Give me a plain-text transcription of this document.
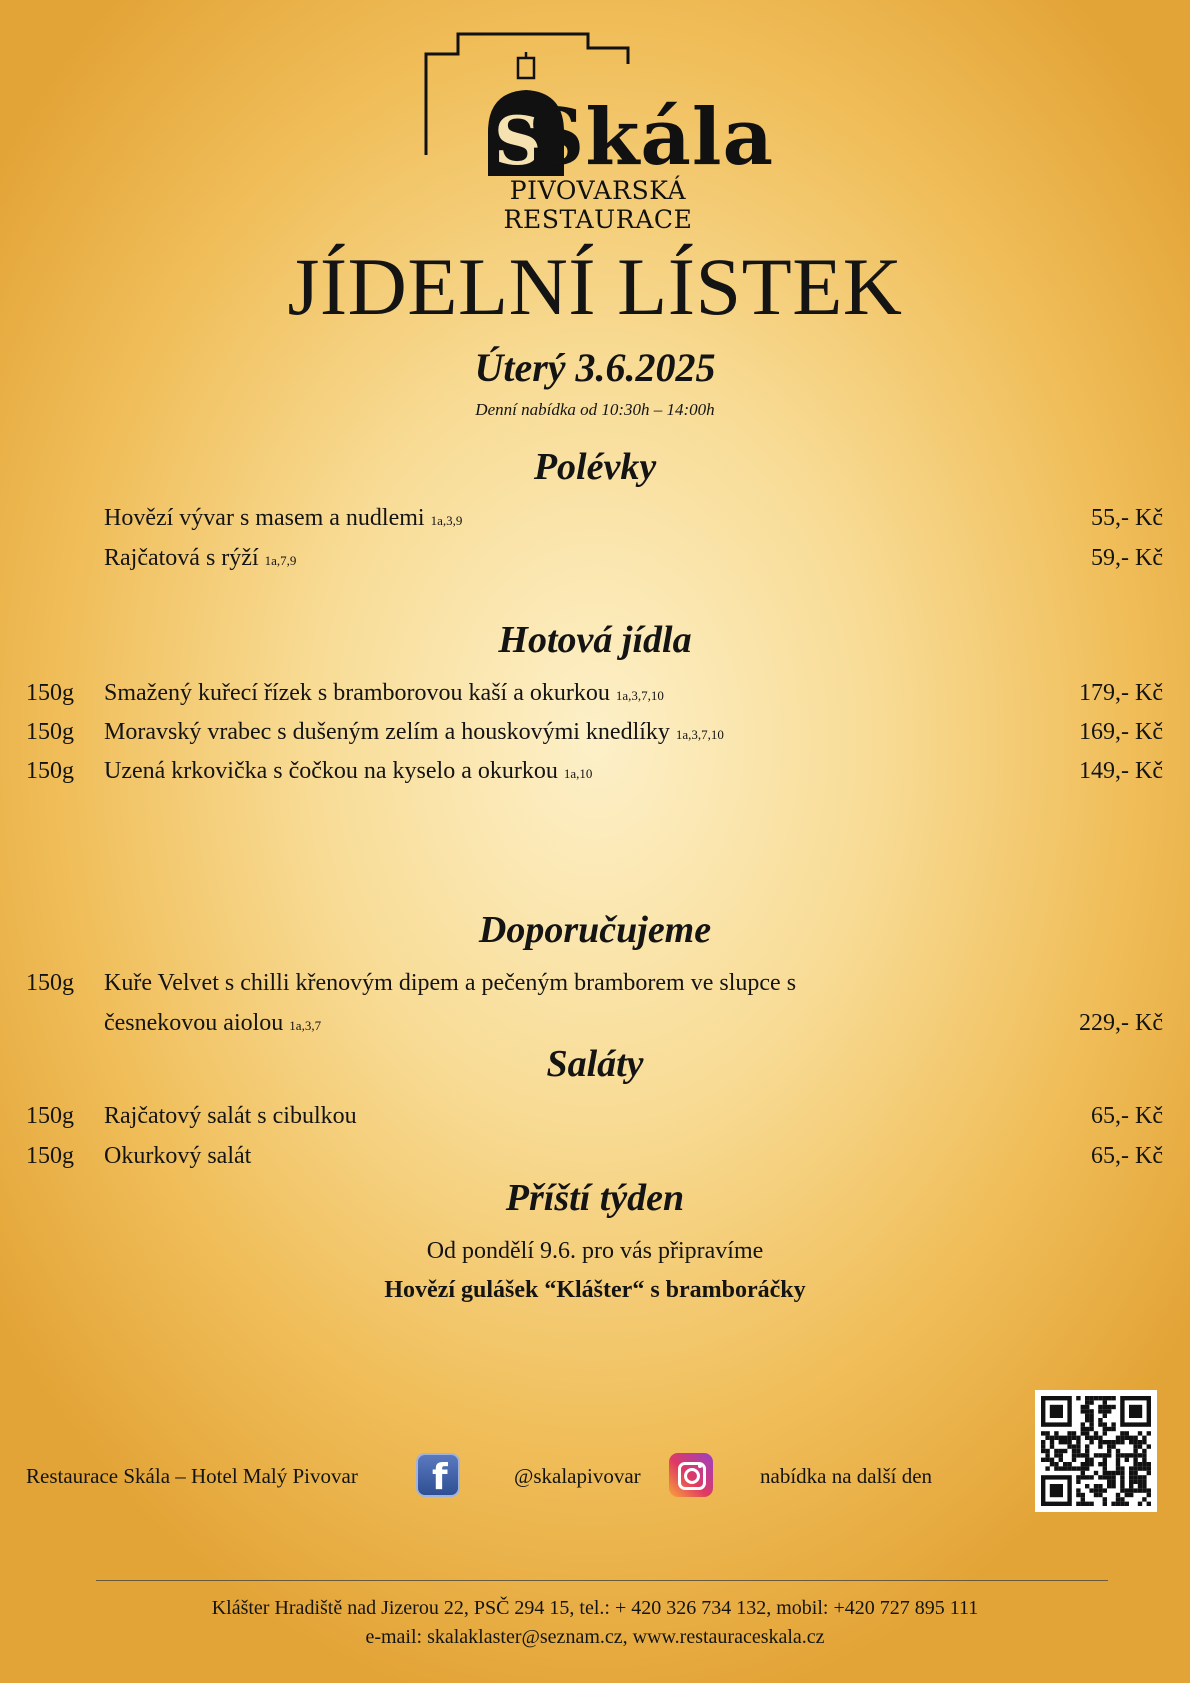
S
Skála
PIVOVARSKÁ RESTAURACE
JÍDELNÍ LÍSTEK
Úterý 3.6.2025
Denní nabídka od 10:30h – 14:00h
Polévky
Hovězí vývar s masem a nudlemi 1a,3,9	55,- Kč
Rajčatová s rýží 1a,7,9	59,- Kč
Hotová jídla
150g Smažený kuřecí řízek s bramborovou kaší a okurkou 1a,3,7,10	179,- Kč
150g Moravský vrabec s dušeným zelím a houskovými knedlíky 1a,3,7,10	169,- Kč
150g Uzená krkovička s čočkou na kyselo a okurkou 1a,10	149,- Kč
Doporučujeme
150g Kuře Velvet s chilli křenovým dipem a pečeným bramborem ve slupce s
česnekovou aiolou 1a,3,7	229,- Kč
Saláty
150g Rajčatový salát s cibulkou	65,- Kč
150g Okurkový salát	65,- Kč
Příští týden
Od pondělí 9.6. pro vás připravíme
Hovězí gulášek “Klášter“ s bramboráčky
Restaurace Skála – Hotel Malý Pivovar f	@skalapivovar	nabídka na další den
Klášter Hradiště nad Jizerou 22, PSČ 294 15, tel.: + 420 326 734 132, mobil: +420 727 895 111
e-mail: skalaklaster@seznam.cz, www.restauraceskala.cz
